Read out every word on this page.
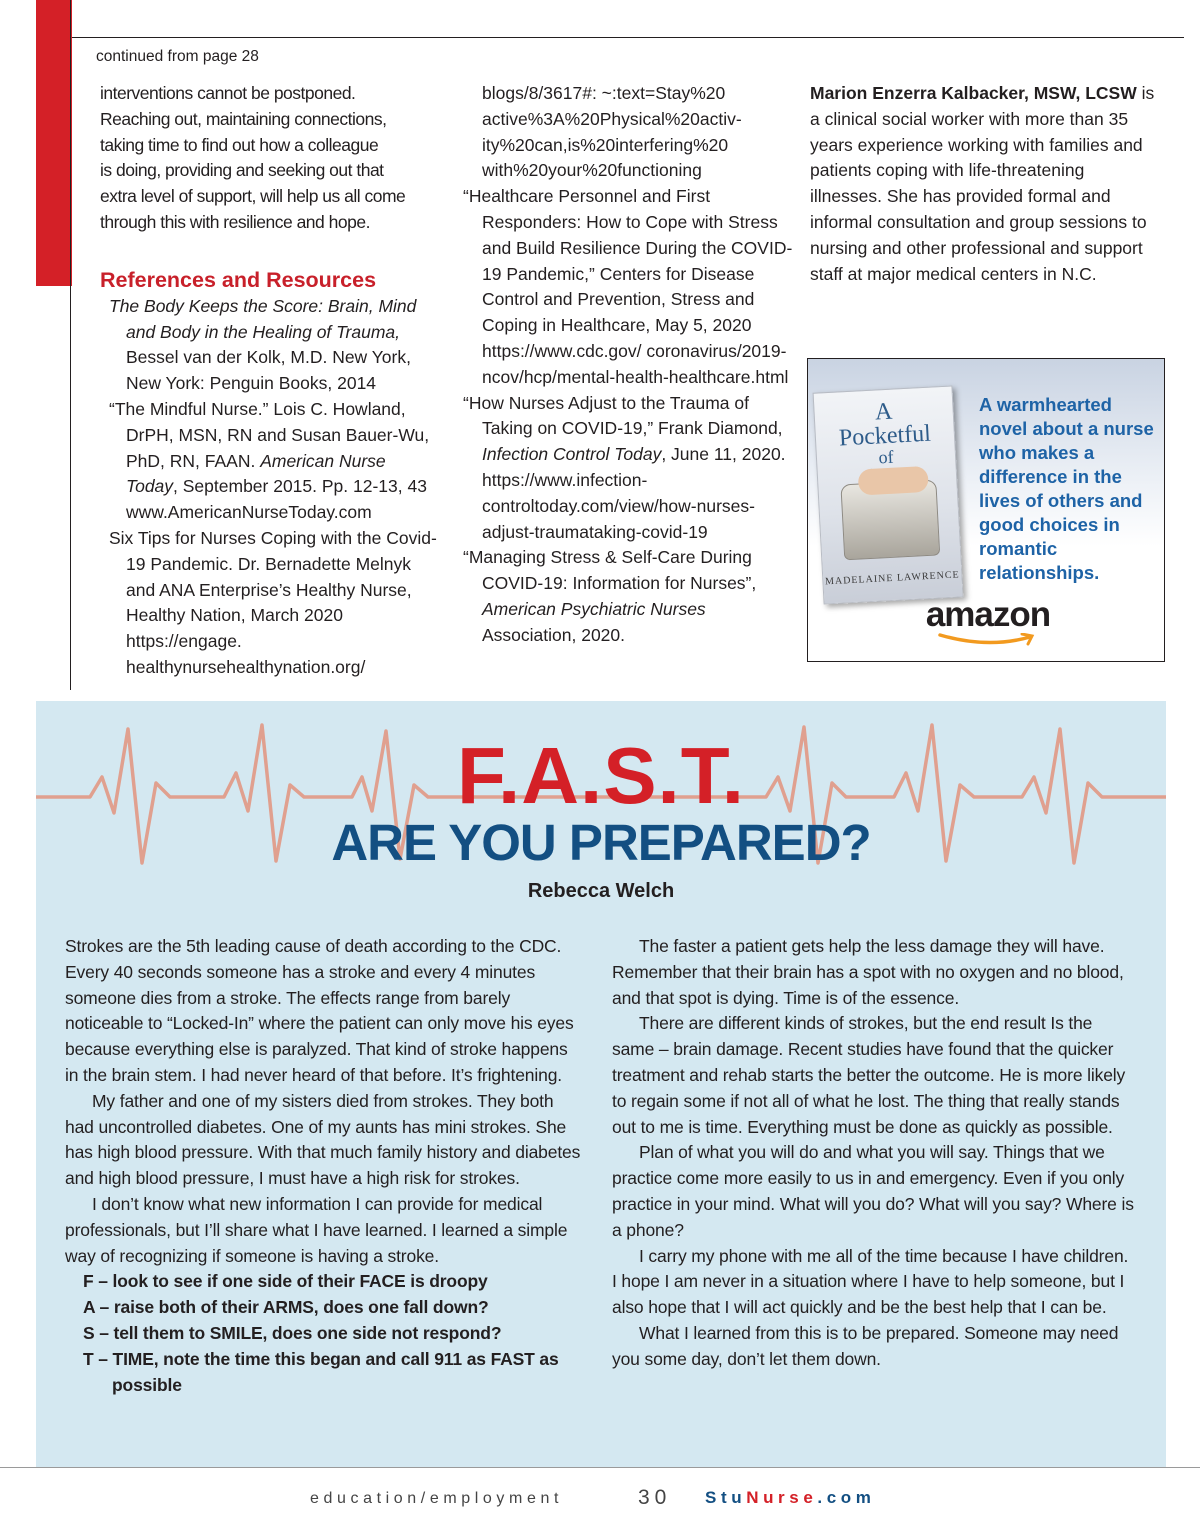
continued from page 28
interventions cannot be postponed.
Reaching out, maintaining connections,
taking time to find out how a colleague
is doing, providing and seeking out that
extra level of support, will help us all come
through this with resilience and hope.
References and Resources
The Body Keeps the Score: Brain, Mind and Body in the Healing of Trauma, Bessel van der Kolk, M.D. New York, New York: Penguin Books, 2014
“The Mindful Nurse.” Lois C. Howland, DrPH, MSN, RN and Susan Bauer-Wu, PhD, RN, FAAN. American Nurse Today, September 2015. Pp. 12-13, 43 www.AmericanNurseToday.com
Six Tips for Nurses Coping with the Covid-19 Pandemic. Dr. Bernadette Melnyk and ANA Enterprise’s Healthy Nurse, Healthy Nation, March 2020 https://engage. healthynursehealthynation.org/
blogs/8/3617#: ~:text=Stay%20
active%3A%20Physical%20activ-
ity%20can,is%20interfering%20
with%20your%20functioning
“Healthcare Personnel and First Responders: How to Cope with Stress and Build Resilience During the COVID-19 Pandemic,” Centers for Disease Control and Prevention, Stress and Coping in Healthcare, May 5, 2020 https://www.cdc.gov/ coronavirus/2019-ncov/hcp/mental-health-healthcare.html
“How Nurses Adjust to the Trauma of Taking on COVID-19,” Frank Diamond, Infection Control Today, June 11, 2020. https://www.infection-controltoday.com/view/how-nurses-adjust-traumataking-covid-19
“Managing Stress & Self-Care During COVID-19: Information for Nurses”, American Psychiatric Nurses Association, 2020.
Marion Enzerra Kalbacker, MSW, LCSW is a clinical social worker with more than 35 years experience working with families and patients coping with life-threatening illnesses. She has provided formal and informal consultation and group sessions to nursing and other professional and support staff at major medical centers in N.C.
A
Pocketful
of
MADELAINE LAWRENCE
A warmhearted novel about a nurse who makes a difference in the lives of others and good choices in romantic relationships.
amazon
F.A.S.T.
ARE YOU PREPARED?
Rebecca Welch

Strokes are the 5th leading cause of death according to the CDC. Every 40 seconds someone has a stroke and every 4 minutes someone dies from a stroke. The effects range from barely noticeable to “Locked-In” where the patient can only move his eyes because everything else is paralyzed. That kind of stroke happens in the brain stem. I had never heard of that before. It’s frightening.

My father and one of my sisters died from strokes. They both had uncontrolled diabetes. One of my aunts has mini strokes. She has high blood pressure. With that much family history and diabetes and high blood pressure, I must have a high risk for strokes.

I don’t know what new information I can provide for medical professionals, but I’ll share what I have learned. I learned a simple way of recognizing if someone is having a stroke.

F – look to see if one side of their FACE is droopy
A – raise both of their ARMS, does one fall down?
S – tell them to SMILE, does one side not respond?
T – TIME, note the time this began and call 911 as FAST as possible

The faster a patient gets help the less damage they will have. Remember that their brain has a spot with no oxygen and no blood, and that spot is dying. Time is of the essence.

There are different kinds of strokes, but the end result Is the same – brain damage. Recent studies have found that the quicker treatment and rehab starts the better the outcome. He is more likely to regain some if not all of what he lost. The thing that really stands out to me is time. Everything must be done as quickly as possible.

Plan of what you will do and what you will say. Things that we practice come more easily to us in and emergency. Even if you only practice in your mind. What will you do? What will you say? Where is a phone?

I carry my phone with me all of the time because I have children. I hope I am never in a situation where I have to help someone, but I also hope that I will act quickly and be the best help that I can be.

What I learned from this is to be prepared. Someone may need you some day, don’t let them down.

education/employment	30 StuNurse.com
